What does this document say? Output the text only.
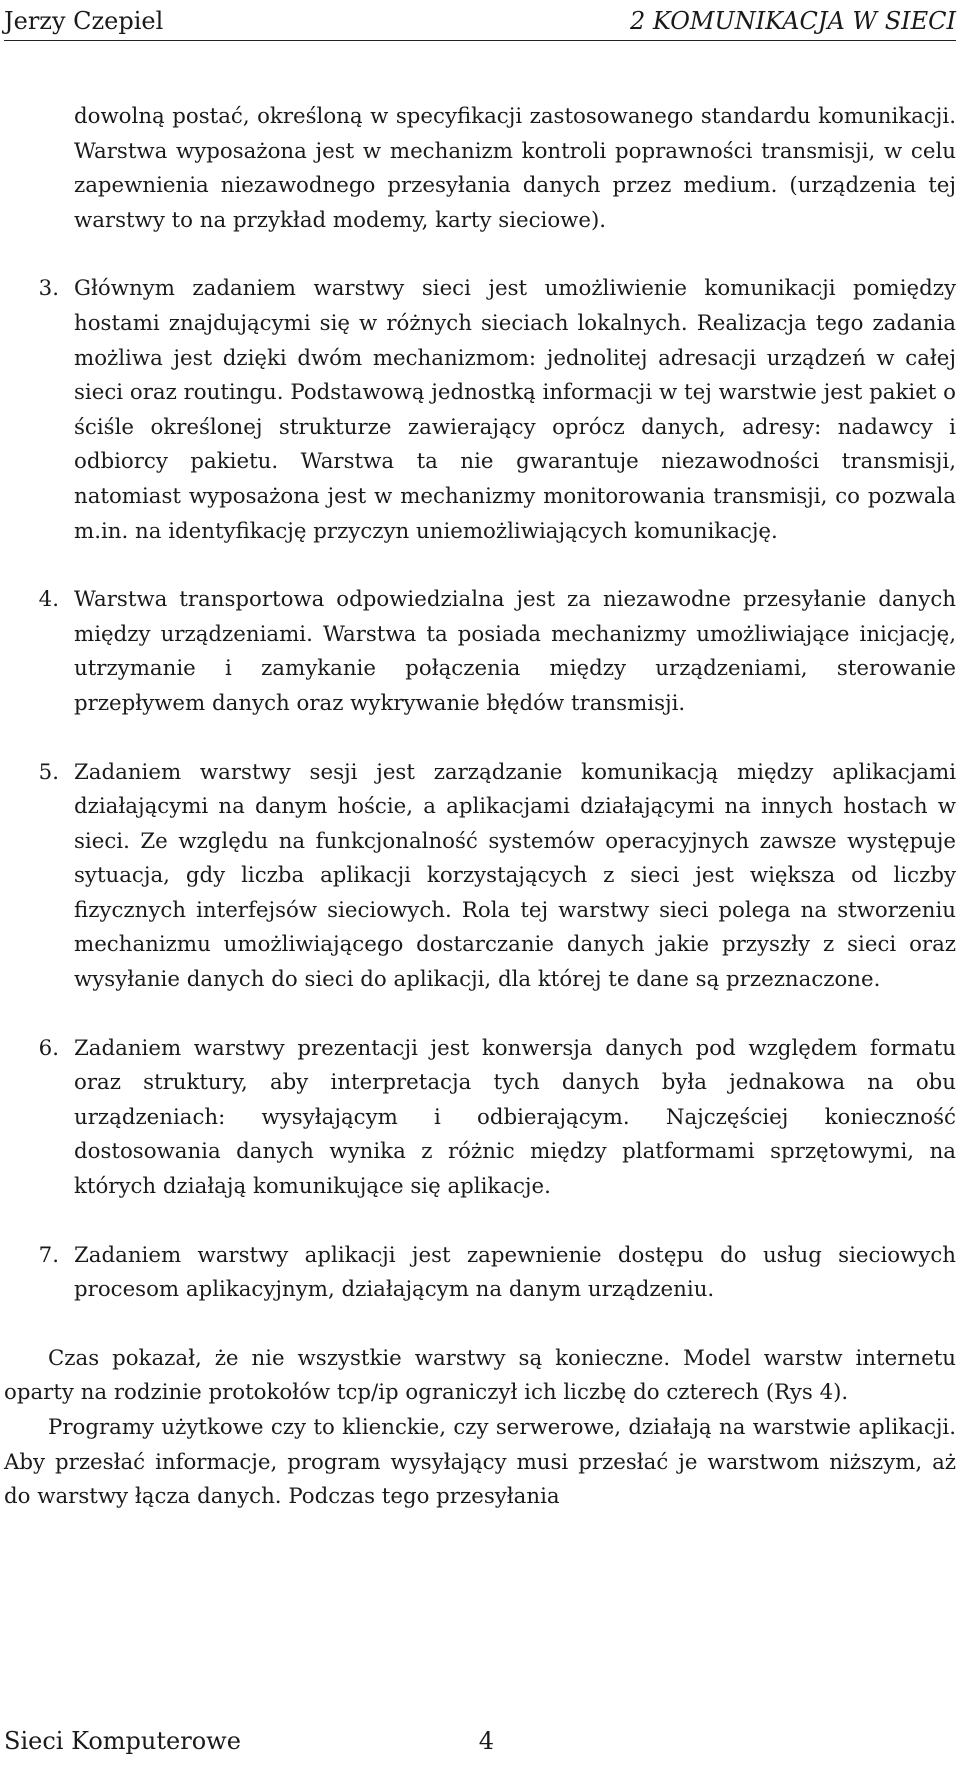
Jerzy Czepiel	2 KOMUNIKACJA W SIECI

dowolną postać, określoną w specyfikacji zastosowanego standardu komunikacji. Warstwa wyposażona jest w mechanizm kontroli poprawności transmisji, w celu zapewnienia niezawodnego przesyłania danych przez medium. (urządzenia tej warstwy to na przykład modemy, karty sieciowe).

3. Głównym zadaniem warstwy sieci jest umożliwienie komunikacji pomiędzy hostami znajdującymi się w różnych sieciach lokalnych. Realizacja tego zadania możliwa jest dzięki dwóm mechanizmom: jednolitej adresacji urządzeń w całej sieci oraz routingu. Podstawową jednostką informacji w tej warstwie jest pakiet o ściśle określonej strukturze zawierający oprócz danych, adresy: nadawcy i odbiorcy pakietu. Warstwa ta nie gwarantuje niezawodności transmisji, natomiast wyposażona jest w mechanizmy monitorowania transmisji, co pozwala m.in. na identyfikację przyczyn uniemożliwiających komunikację.
4. Warstwa transportowa odpowiedzialna jest za niezawodne przesyłanie danych między urządzeniami. Warstwa ta posiada mechanizmy umożliwiające inicjację, utrzymanie i zamykanie połączenia między urządzeniami, sterowanie przepływem danych oraz wykrywanie błędów transmisji.
5. Zadaniem warstwy sesji jest zarządzanie komunikacją między aplikacjami działającymi na danym hoście, a aplikacjami działającymi na innych hostach w sieci. Ze względu na funkcjonalność systemów operacyjnych zawsze występuje sytuacja, gdy liczba aplikacji korzystających z sieci jest większa od liczby fizycznych interfejsów sieciowych. Rola tej warstwy sieci polega na stworzeniu mechanizmu umożliwiającego dostarczanie danych jakie przyszły z sieci oraz wysyłanie danych do sieci do aplikacji, dla której te dane są przeznaczone.
6. Zadaniem warstwy prezentacji jest konwersja danych pod względem formatu oraz struktury, aby interpretacja tych danych była jednakowa na obu urządzeniach: wysyłającym i odbierającym. Najczęściej konieczność dostosowania danych wynika z różnic między platformami sprzętowymi, na których działają komunikujące się aplikacje.
7. Zadaniem warstwy aplikacji jest zapewnienie dostępu do usług sieciowych procesom aplikacyjnym, działającym na danym urządzeniu.

Czas pokazał, że nie wszystkie warstwy są konieczne. Model warstw internetu oparty na rodzinie protokołów tcp/ip ograniczył ich liczbę do czterech (Rys 4).

Programy użytkowe czy to klienckie, czy serwerowe, działają na warstwie aplikacji. Aby przesłać informacje, program wysyłający musi przesłać je warstwom niższym, aż do warstwy łącza danych. Podczas tego przesyłania

Sieci Komputerowe	4
